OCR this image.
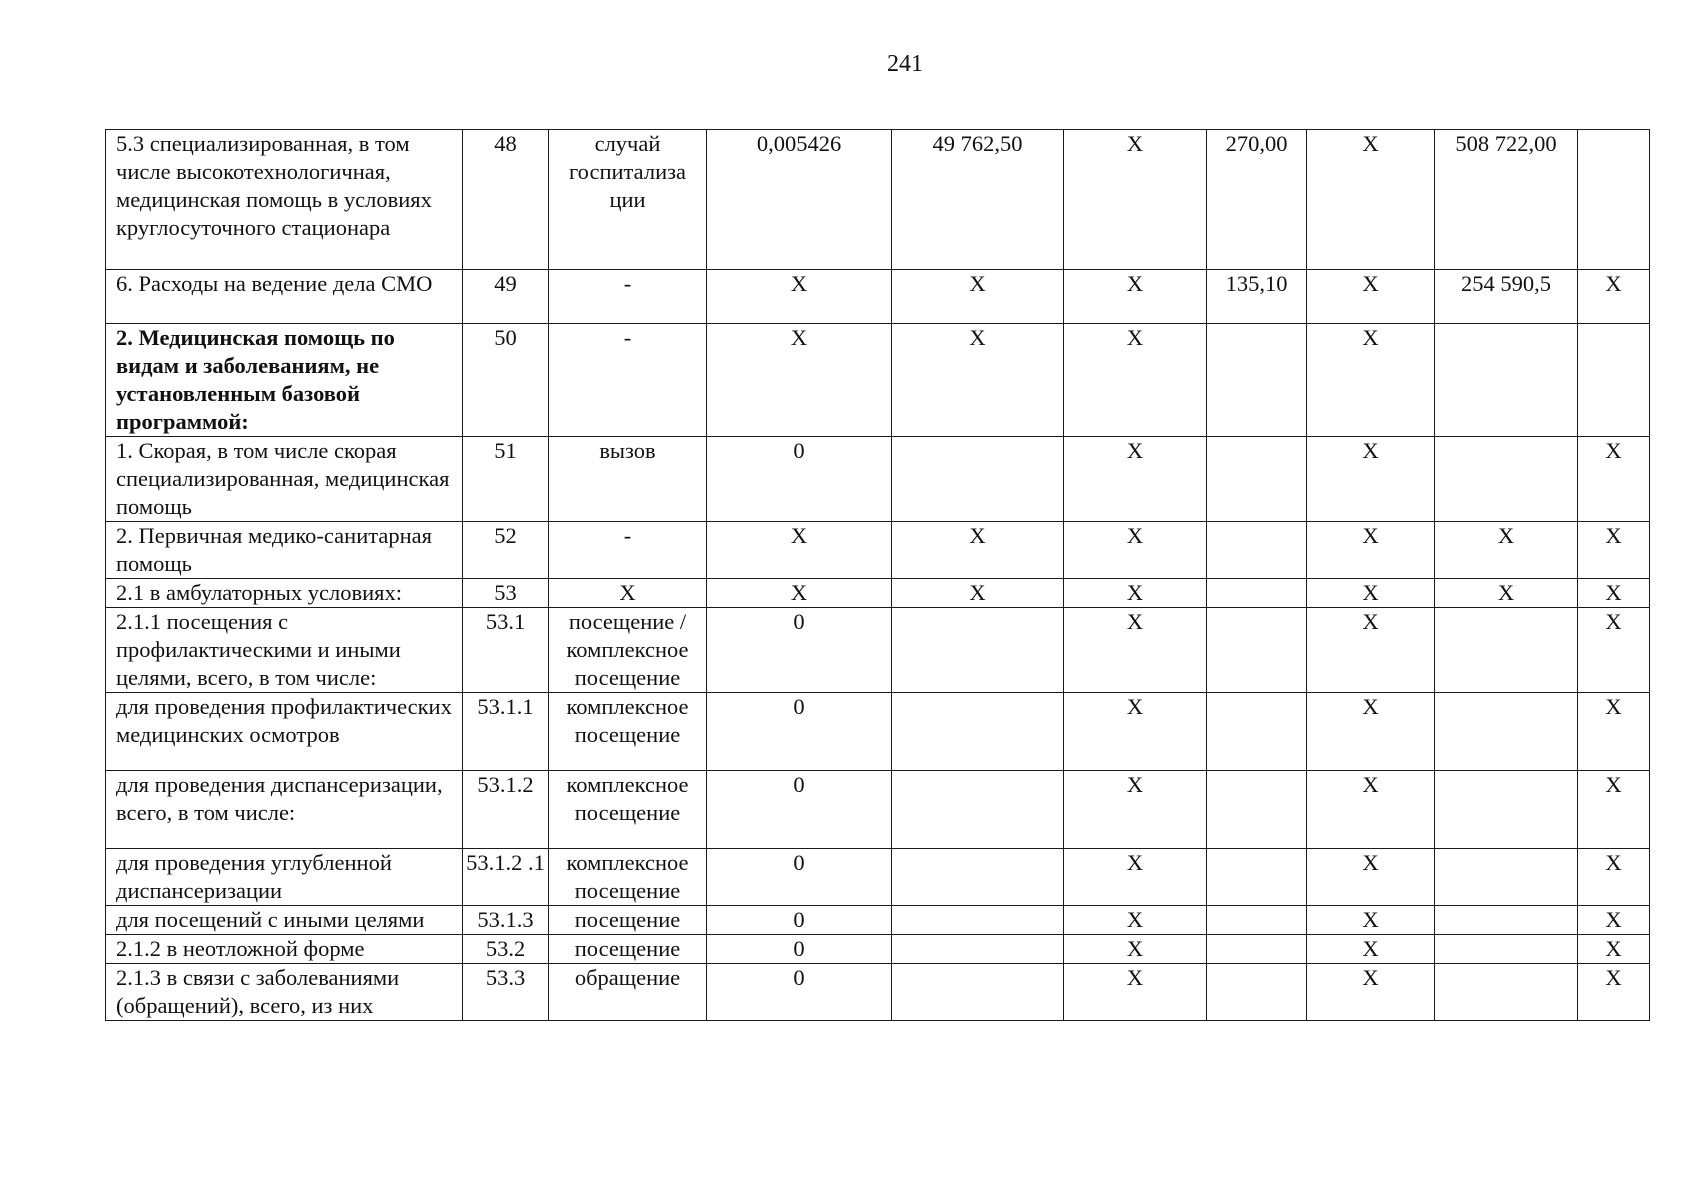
241
5.3 специализированная, в том числе высокотехнологичная, медицинская помощь в условиях круглосуточного стационара	48	случай госпитализа ции	0,005426	49 762,50	X	270,00	X	508 722,00	
6. Расходы на ведение дела СМО	49	-	X	X	X	135,10	X	254 590,5	X
2. Медицинская помощь по видам и заболеваниям, не установленным базовой программой:	50	-	X	X	X		X		
1. Скорая, в том числе скорая специализированная, медицинская помощь	51	вызов	0		X		X		X
2. Первичная медико-санитарная помощь	52	-	X	X	X		X	X	X
2.1 в амбулаторных условиях:	53	X	X	X	X		X	X	X
2.1.1 посещения с профилактическими и иными целями, всего, в том числе:	53.1	посещение / комплексное посещение	0		X		X		X
для проведения профилактических медицинских осмотров	53.1.1	комплексное посещение	0		X		X		X
для проведения диспансеризации, всего, в том числе:	53.1.2	комплексное посещение	0		X		X		X
для проведения углубленной диспансеризации	53.1.2 .1	комплексное посещение	0		X		X		X
для посещений с иными целями	53.1.3	посещение	0		X		X		X
2.1.2 в неотложной форме	53.2	посещение	0		X		X		X
2.1.3 в связи с заболеваниями (обращений), всего, из них	53.3	обращение	0		X		X		X
